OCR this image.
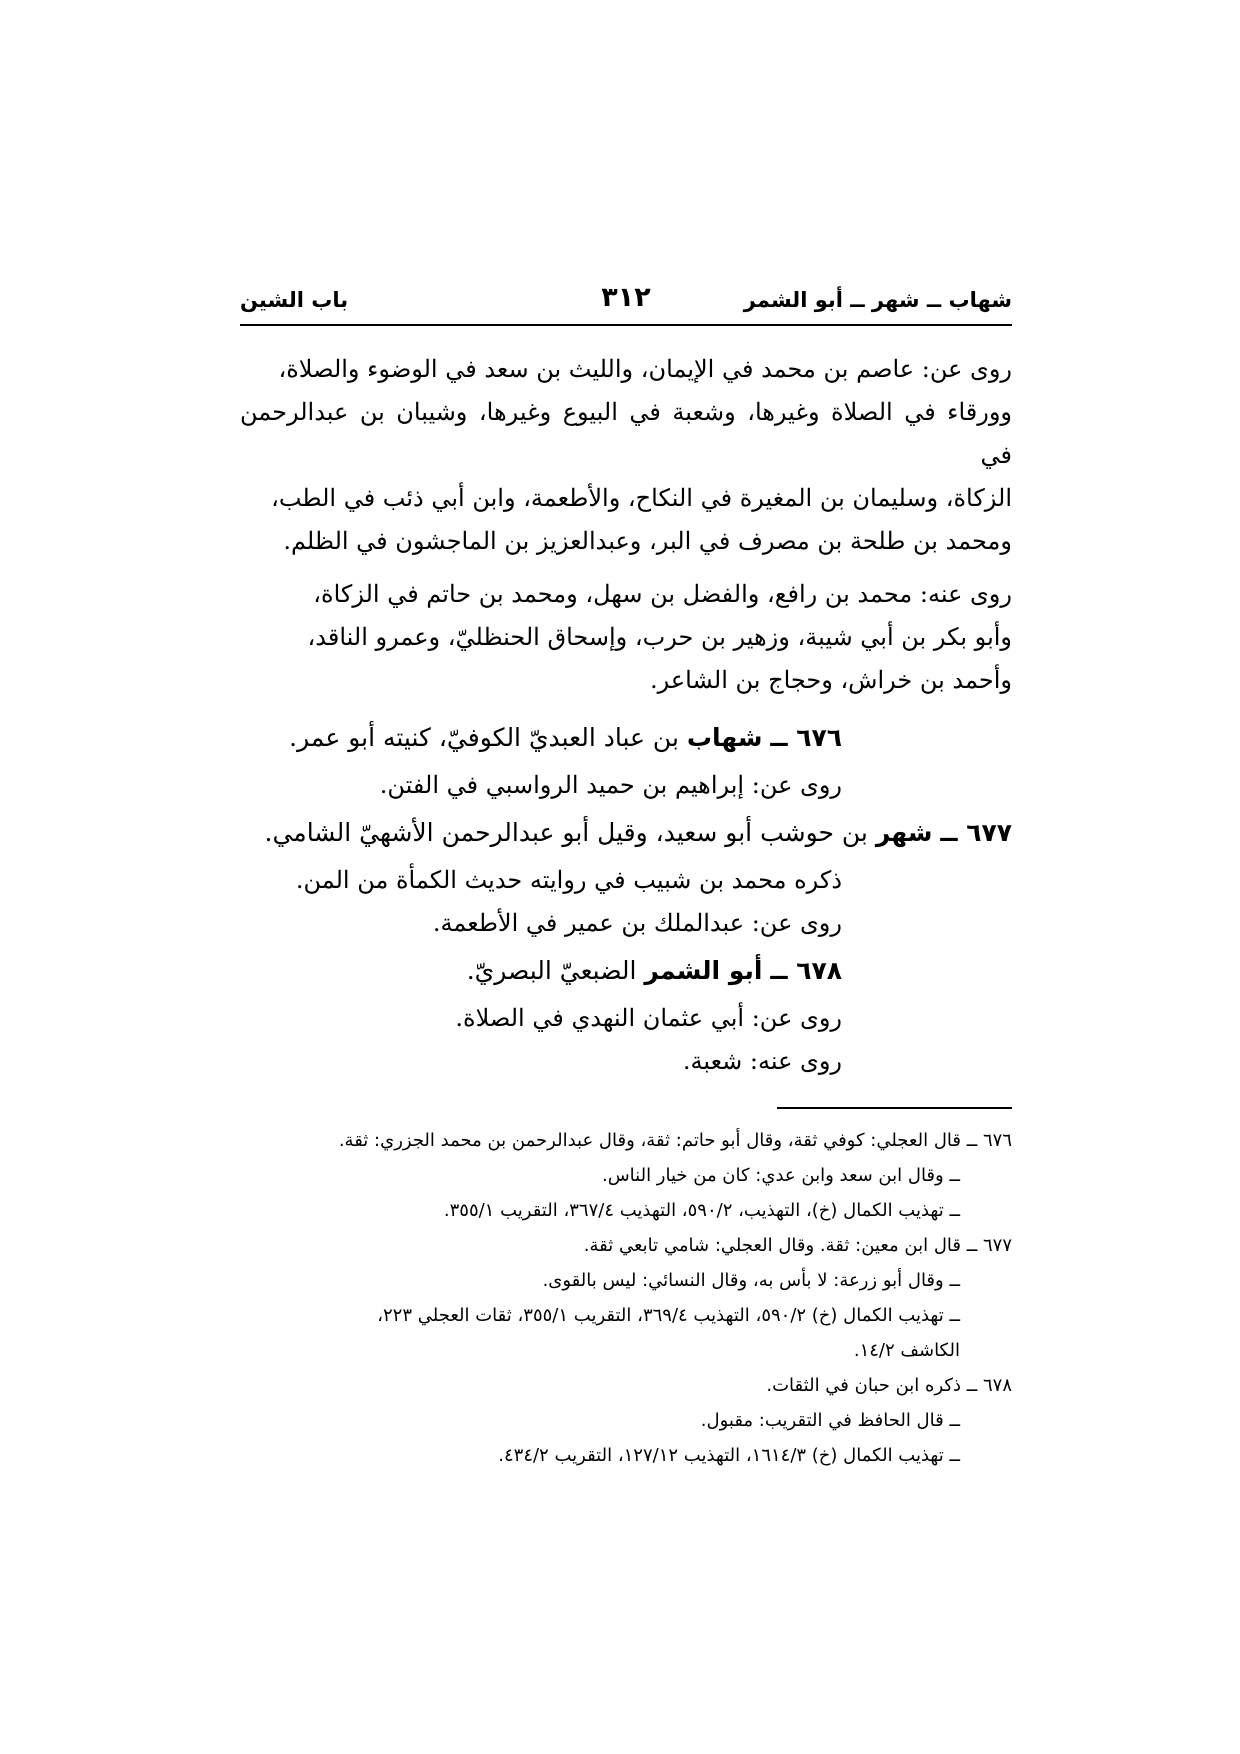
شهاب ــ شهر ــ أبو الشمر
٣١٢
باب الشين
روى عن: عاصم بن محمد في الإيمان، والليث بن سعد في الوضوء والصلاة،
وورقاء في الصلاة وغيرها، وشعبة في البيوع وغيرها، وشيبان بن عبدالرحمن في
الزكاة، وسليمان بن المغيرة في النكاح، والأطعمة، وابن أبي ذئب في الطب،
ومحمد بن طلحة بن مصرف في البر، وعبدالعزيز بن الماجشون في الظلم.
روى عنه: محمد بن رافع، والفضل بن سهل، ومحمد بن حاتم في الزكاة،
وأبو بكر بن أبي شيبة، وزهير بن حرب، وإسحاق الحنظليّ، وعمرو الناقد،
وأحمد بن خراش، وحجاج بن الشاعر.
٦٧٦ ــ شهاب بن عباد العبديّ الكوفيّ، كنيته أبو عمر.
روى عن: إبراهيم بن حميد الرواسبي في الفتن.
٦٧٧ ــ شهر بن حوشب أبو سعيد، وقيل أبو عبدالرحمن الأشهيّ الشامي.
ذكره محمد بن شبيب في روايته حديث الكمأة من المن.
روى عن: عبدالملك بن عمير في الأطعمة.
٦٧٨ ــ أبو الشمر الضبعيّ البصريّ.
روى عن: أبي عثمان النهدي في الصلاة.
روى عنه: شعبة.
٦٧٦ ــ قال العجلي: كوفي ثقة، وقال أبو حاتم: ثقة، وقال عبدالرحمن بن محمد الجزري: ثقة.
ــ وقال ابن سعد وابن عدي: كان من خيار الناس.
ــ تهذيب الكمال (خ)، التهذيب، ٥٩٠/٢، التهذيب ٣٦٧/٤، التقريب ٣٥٥/١.
٦٧٧ ــ قال ابن معين: ثقة. وقال العجلي: شامي تابعي ثقة.
ــ وقال أبو زرعة: لا بأس به، وقال النسائي: ليس بالقوى.
ــ تهذيب الكمال (خ) ٥٩٠/٢، التهذيب ٣٦٩/٤، التقريب ٣٥٥/١، ثقات العجلي ٢٢٣،
الكاشف ١٤/٢.
٦٧٨ ــ ذكره ابن حبان في الثقات.
ــ قال الحافظ في التقريب: مقبول.
ــ تهذيب الكمال (خ) ١٦١٤/٣، التهذيب ١٢٧/١٢، التقريب ٤٣٤/٢.
